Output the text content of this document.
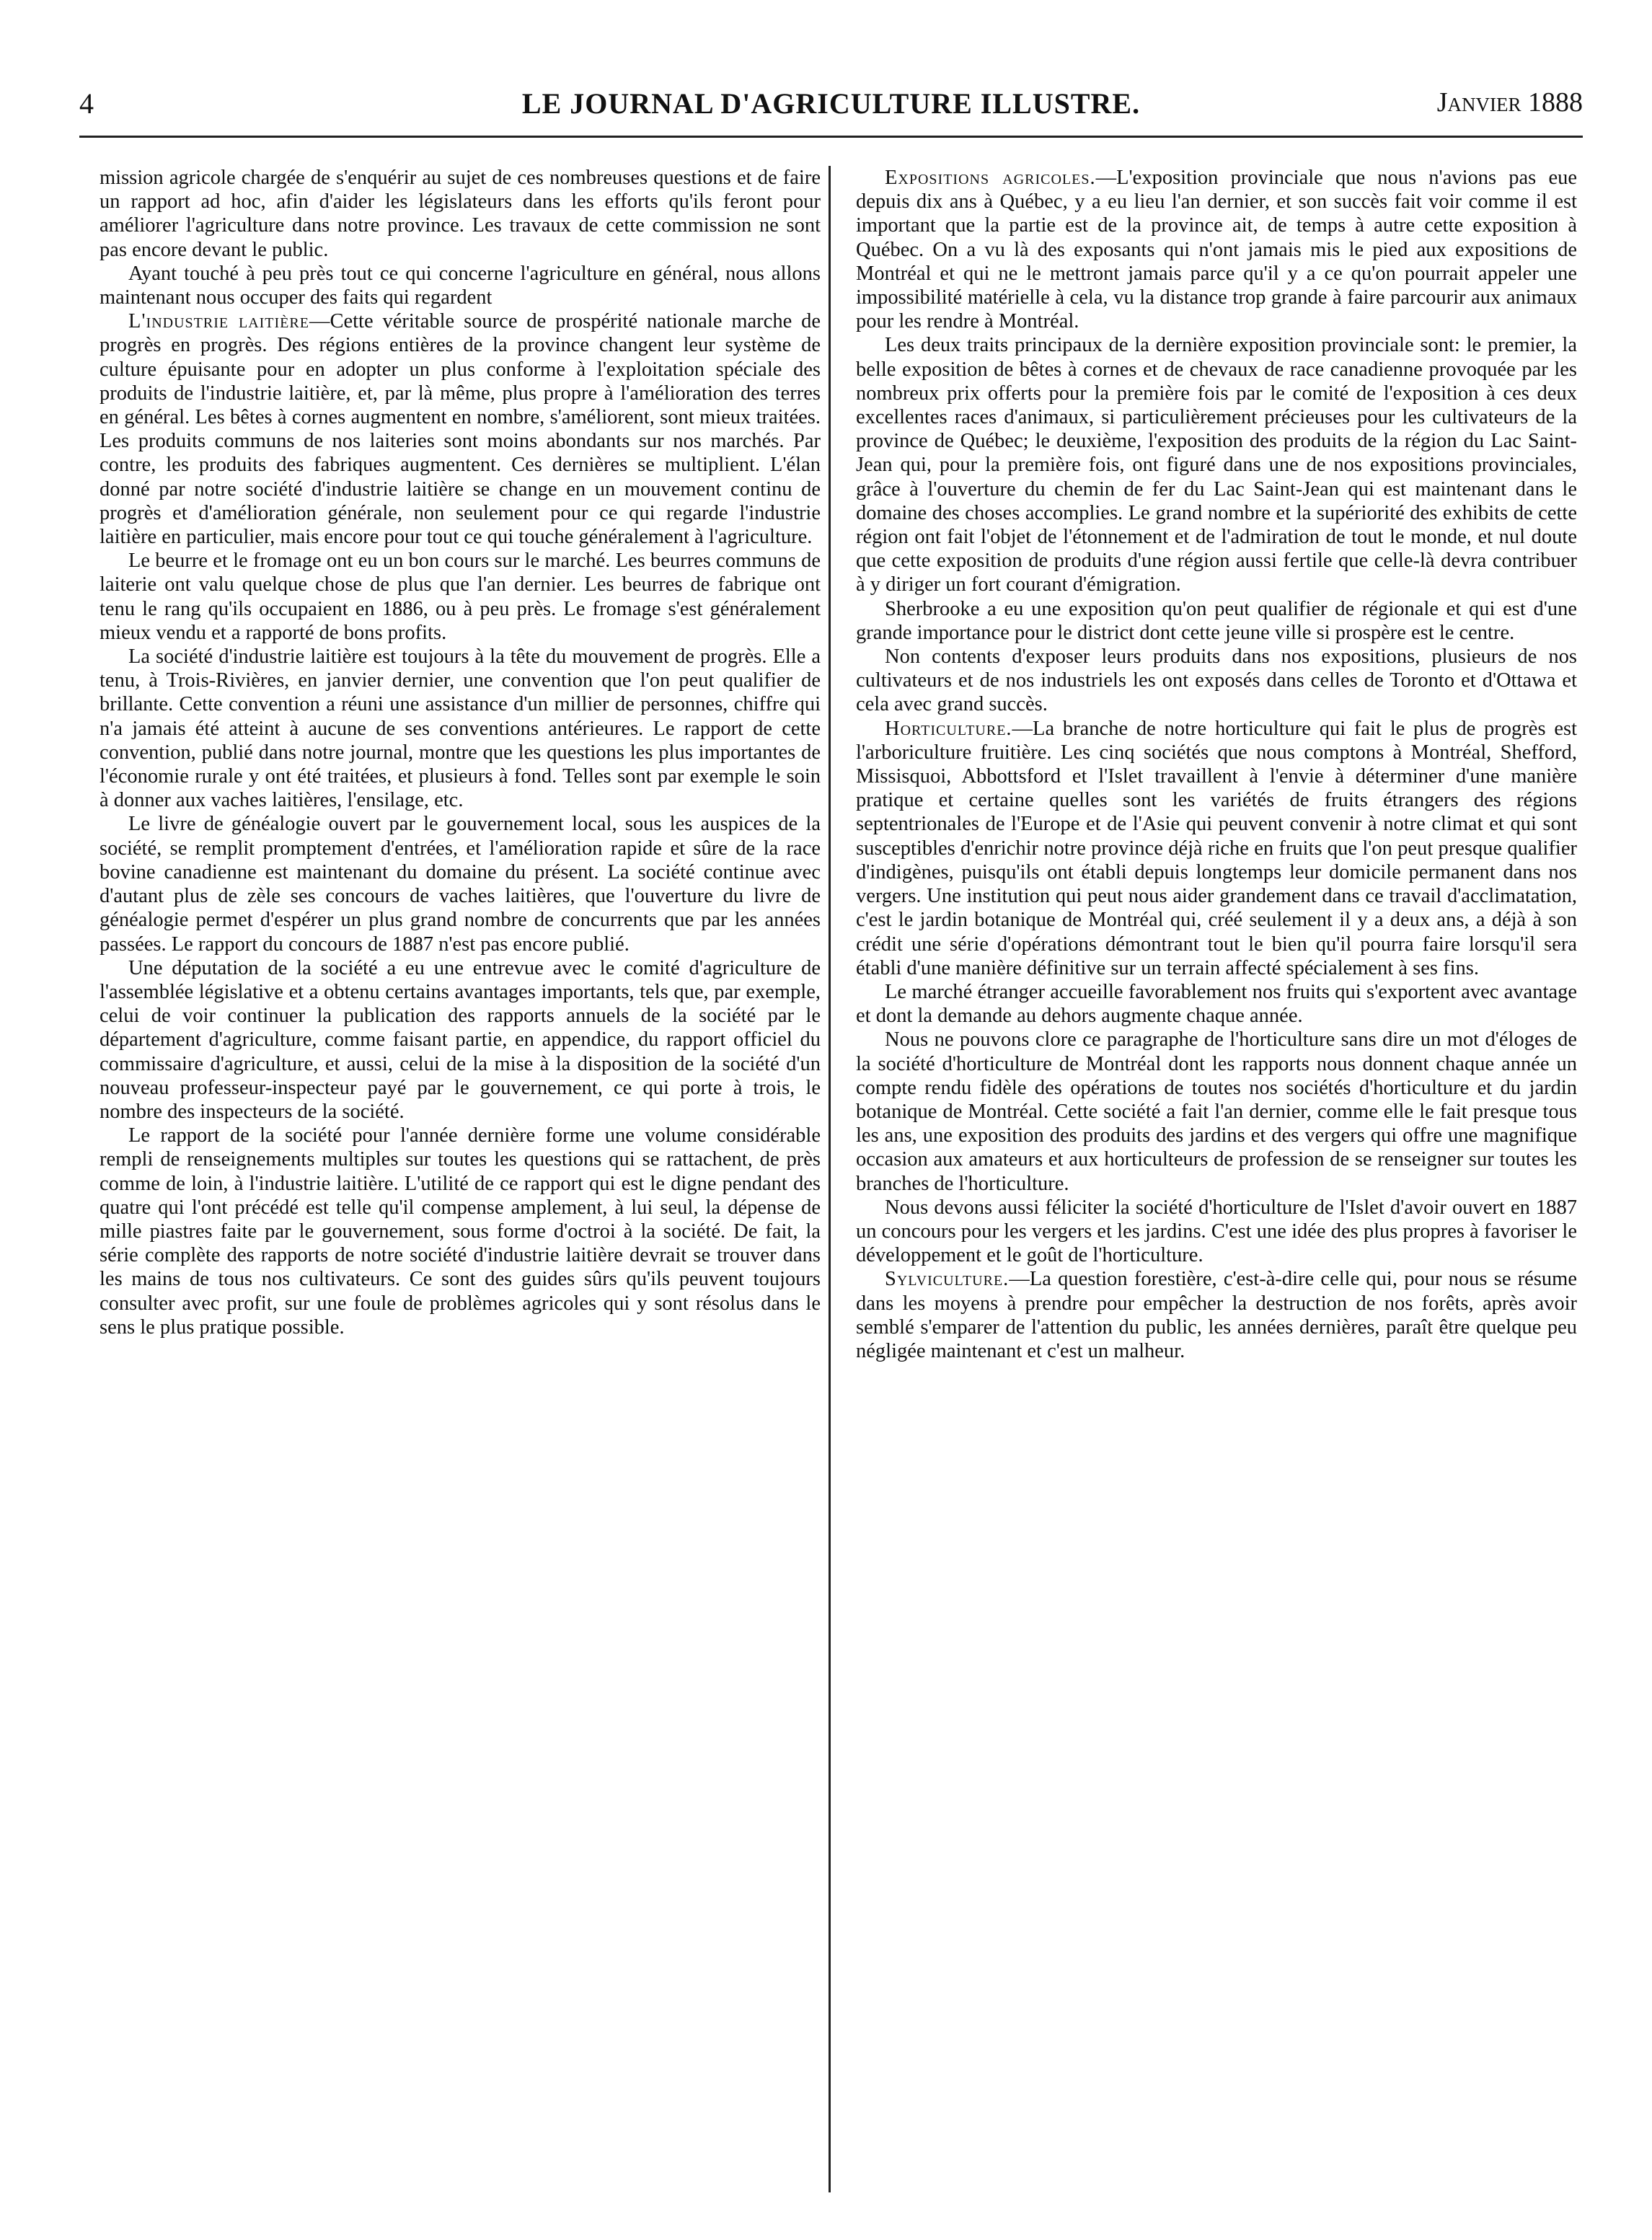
4	LE JOURNAL D'AGRICULTURE ILLUSTRE.	Janvier 1888

mission agricole chargée de s'enquérir au sujet de ces nombreuses questions et de faire un rapport ad hoc, afin d'aider les législateurs dans les efforts qu'ils feront pour améliorer l'agriculture dans notre province. Les travaux de cette commission ne sont pas encore devant le public.

Ayant touché à peu près tout ce qui concerne l'agriculture en général, nous allons maintenant nous occuper des faits qui regardent

L'industrie laitière—Cette véritable source de prospérité nationale marche de progrès en progrès. Des régions entières de la province changent leur système de culture épuisante pour en adopter un plus conforme à l'exploitation spéciale des produits de l'industrie laitière, et, par là même, plus propre à l'amélioration des terres en général. Les bêtes à cornes augmentent en nombre, s'améliorent, sont mieux traitées. Les produits communs de nos laiteries sont moins abondants sur nos marchés. Par contre, les produits des fabriques augmentent. Ces dernières se multiplient. L'élan donné par notre société d'industrie laitière se change en un mouvement continu de progrès et d'amélioration générale, non seulement pour ce qui regarde l'industrie laitière en particulier, mais encore pour tout ce qui touche généralement à l'agriculture.

Le beurre et le fromage ont eu un bon cours sur le marché. Les beurres communs de laiterie ont valu quelque chose de plus que l'an dernier. Les beurres de fabrique ont tenu le rang qu'ils occupaient en 1886, ou à peu près. Le fromage s'est généralement mieux vendu et a rapporté de bons profits.

La société d'industrie laitière est toujours à la tête du mouvement de progrès. Elle a tenu, à Trois-Rivières, en janvier dernier, une convention que l'on peut qualifier de brillante. Cette convention a réuni une assistance d'un millier de personnes, chiffre qui n'a jamais été atteint à aucune de ses conventions antérieures. Le rapport de cette convention, publié dans notre journal, montre que les questions les plus importantes de l'économie rurale y ont été traitées, et plusieurs à fond. Telles sont par exemple le soin à donner aux vaches laitières, l'ensilage, etc.

Le livre de généalogie ouvert par le gouvernement local, sous les auspices de la société, se remplit promptement d'entrées, et l'amélioration rapide et sûre de la race bovine canadienne est maintenant du domaine du présent. La société continue avec d'autant plus de zèle ses concours de vaches laitières, que l'ouverture du livre de généalogie permet d'espérer un plus grand nombre de concurrents que par les années passées. Le rapport du concours de 1887 n'est pas encore publié.

Une députation de la société a eu une entrevue avec le comité d'agriculture de l'assemblée législative et a obtenu certains avantages importants, tels que, par exemple, celui de voir continuer la publication des rapports annuels de la société par le département d'agriculture, comme faisant partie, en appendice, du rapport officiel du commissaire d'agriculture, et aussi, celui de la mise à la disposition de la société d'un nouveau professeur-inspecteur payé par le gouvernement, ce qui porte à trois, le nombre des inspecteurs de la société.

Le rapport de la société pour l'année dernière forme une volume considérable rempli de renseignements multiples sur toutes les questions qui se rattachent, de près comme de loin, à l'industrie laitière. L'utilité de ce rapport qui est le digne pendant des quatre qui l'ont précédé est telle qu'il compense amplement, à lui seul, la dépense de mille piastres faite par le gouvernement, sous forme d'octroi à la société. De fait, la série complète des rapports de notre société d'industrie laitière devrait se trouver dans les mains de tous nos cultivateurs. Ce sont des guides sûrs qu'ils peuvent toujours consulter avec profit, sur une foule de problèmes agricoles qui y sont résolus dans le sens le plus pratique possible.

Expositions agricoles.—L'exposition provinciale que nous n'avions pas eue depuis dix ans à Québec, y a eu lieu l'an dernier, et son succès fait voir comme il est important que la partie est de la province ait, de temps à autre cette exposition à Québec. On a vu là des exposants qui n'ont jamais mis le pied aux expositions de Montréal et qui ne le mettront jamais parce qu'il y a ce qu'on pourrait appeler une impossibilité matérielle à cela, vu la distance trop grande à faire parcourir aux animaux pour les rendre à Montréal.

Les deux traits principaux de la dernière exposition provinciale sont: le premier, la belle exposition de bêtes à cornes et de chevaux de race canadienne provoquée par les nombreux prix offerts pour la première fois par le comité de l'exposition à ces deux excellentes races d'animaux, si particulièrement précieuses pour les cultivateurs de la province de Québec; le deuxième, l'exposition des produits de la région du Lac Saint-Jean qui, pour la première fois, ont figuré dans une de nos expositions provinciales, grâce à l'ouverture du chemin de fer du Lac Saint-Jean qui est maintenant dans le domaine des choses accomplies. Le grand nombre et la supériorité des exhibits de cette région ont fait l'objet de l'étonnement et de l'admiration de tout le monde, et nul doute que cette exposition de produits d'une région aussi fertile que celle-là devra contribuer à y diriger un fort courant d'émigration.

Sherbrooke a eu une exposition qu'on peut qualifier de régionale et qui est d'une grande importance pour le district dont cette jeune ville si prospère est le centre.

Non contents d'exposer leurs produits dans nos expositions, plusieurs de nos cultivateurs et de nos industriels les ont exposés dans celles de Toronto et d'Ottawa et cela avec grand succès.

Horticulture.—La branche de notre horticulture qui fait le plus de progrès est l'arboriculture fruitière. Les cinq sociétés que nous comptons à Montréal, Shefford, Missisquoi, Abbottsford et l'Islet travaillent à l'envie à déterminer d'une manière pratique et certaine quelles sont les variétés de fruits étrangers des régions septentrionales de l'Europe et de l'Asie qui peuvent convenir à notre climat et qui sont susceptibles d'enrichir notre province déjà riche en fruits que l'on peut presque qualifier d'indigènes, puisqu'ils ont établi depuis longtemps leur domicile permanent dans nos vergers. Une institution qui peut nous aider grandement dans ce travail d'acclimatation, c'est le jardin botanique de Montréal qui, créé seulement il y a deux ans, a déjà à son crédit une série d'opérations démontrant tout le bien qu'il pourra faire lorsqu'il sera établi d'une manière définitive sur un terrain affecté spécialement à ses fins.

Le marché étranger accueille favorablement nos fruits qui s'exportent avec avantage et dont la demande au dehors augmente chaque année.

Nous ne pouvons clore ce paragraphe de l'horticulture sans dire un mot d'éloges de la société d'horticulture de Montréal dont les rapports nous donnent chaque année un compte rendu fidèle des opérations de toutes nos sociétés d'horticulture et du jardin botanique de Montréal. Cette société a fait l'an dernier, comme elle le fait presque tous les ans, une exposition des produits des jardins et des vergers qui offre une magnifique occasion aux amateurs et aux horticulteurs de profession de se renseigner sur toutes les branches de l'horticulture.

Nous devons aussi féliciter la société d'horticulture de l'Islet d'avoir ouvert en 1887 un concours pour les vergers et les jardins. C'est une idée des plus propres à favoriser le développement et le goût de l'horticulture.

Sylviculture.—La question forestière, c'est-à-dire celle qui, pour nous se résume dans les moyens à prendre pour empêcher la destruction de nos forêts, après avoir semblé s'emparer de l'attention du public, les années dernières, paraît être quelque peu négligée maintenant et c'est un malheur.
